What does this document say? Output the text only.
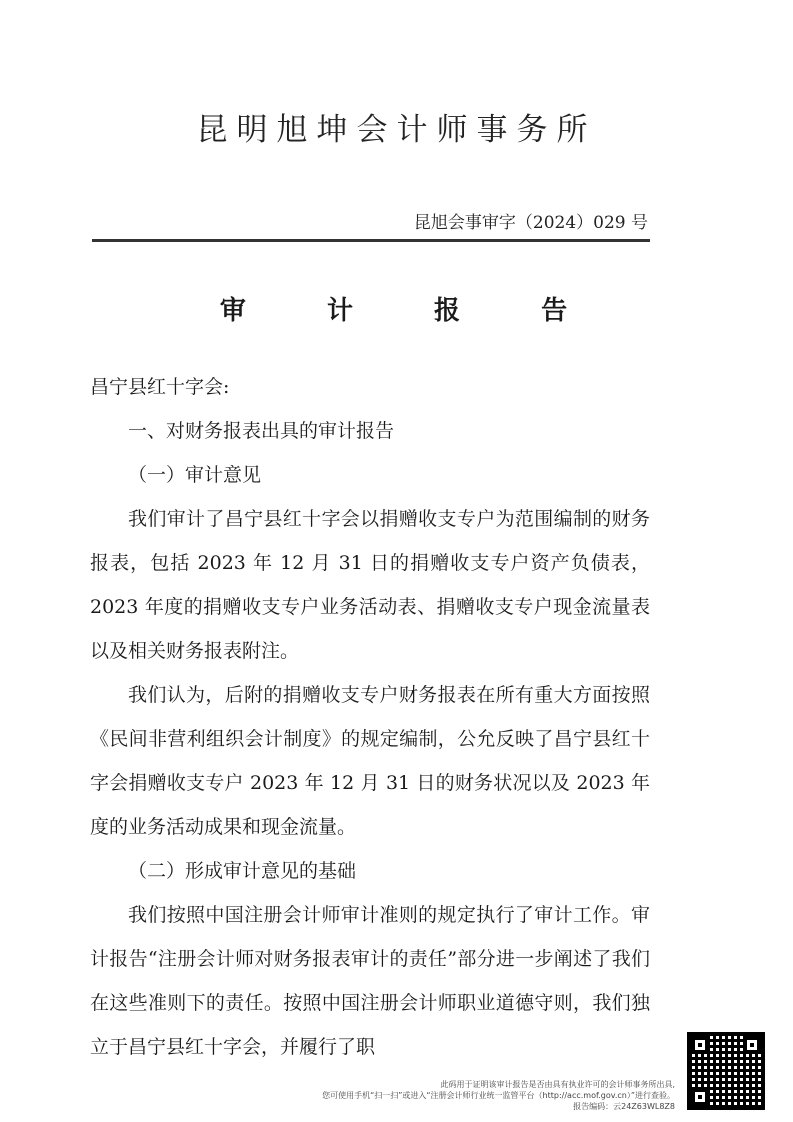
昆明旭坤会计师事务所
昆旭会事审字（2024）029 号
审 计 报 告

昌宁县红十字会:

一、对财务报表出具的审计报告

（一）审计意见

我们审计了昌宁县红十字会以捐赠收支专户为范围编制的财务报表，包括 2023 年 12 月 31 日的捐赠收支专户资产负债表，2023 年度的捐赠收支专户业务活动表、捐赠收支专户现金流量表以及相关财务报表附注。

我们认为，后附的捐赠收支专户财务报表在所有重大方面按照《民间非营利组织会计制度》的规定编制，公允反映了昌宁县红十字会捐赠收支专户 2023 年 12 月 31 日的财务状况以及 2023 年度的业务活动成果和现金流量。

（二）形成审计意见的基础

我们按照中国注册会计师审计准则的规定执行了审计工作。审计报告“注册会计师对财务报表审计的责任”部分进一步阐述了我们在这些准则下的责任。按照中国注册会计师职业道德守则，我们独立于昌宁县红十字会，并履行了职

此码用于证明该审计报告是否由具有执业许可的会计师事务所出具,
您可使用手机“扫一扫”或进入“注册会计师行业统一监管平台（http://acc.mof.gov.cn）”进行查验。
报告编码：云24Z63WL8Z8
